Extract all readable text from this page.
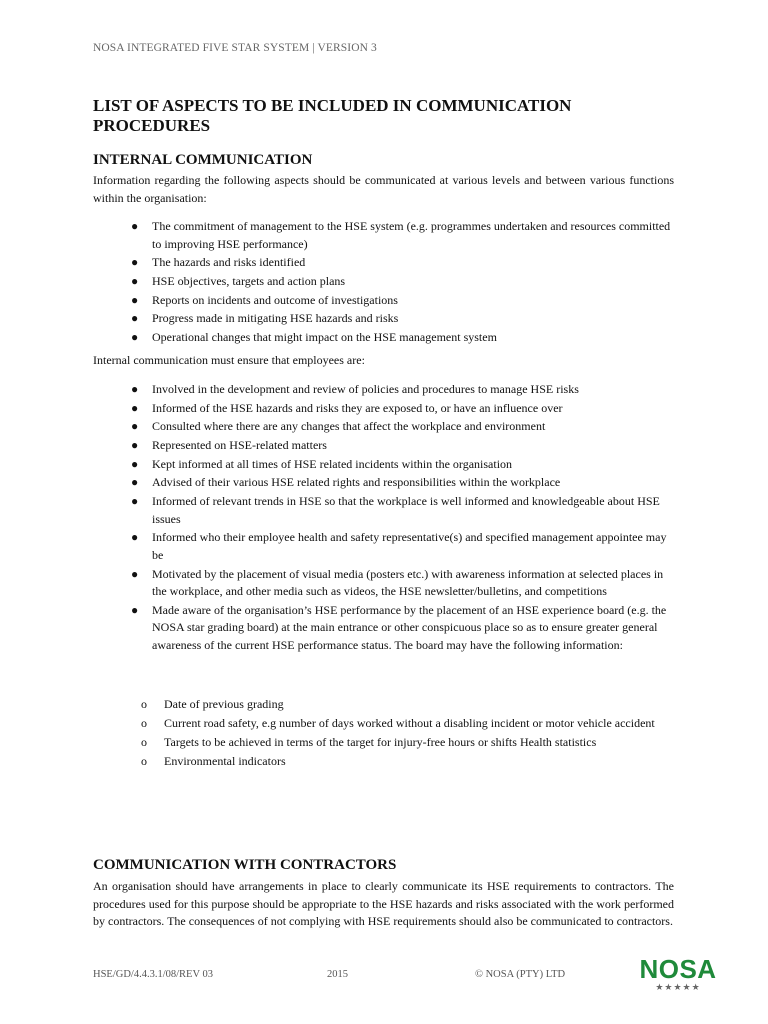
NOSA INTEGRATED FIVE STAR SYSTEM | VERSION 3
LIST OF ASPECTS TO BE INCLUDED IN COMMUNICATION PROCEDURES
INTERNAL COMMUNICATION

Information regarding the following aspects should be communicated at various levels and between various functions within the organisation:

● The commitment of management to the HSE system (e.g. programmes undertaken and resources committed to improving HSE performance)
● The hazards and risks identified
● HSE objectives, targets and action plans
● Reports on incidents and outcome of investigations
● Progress made in mitigating HSE hazards and risks
● Operational changes that might impact on the HSE management system

Internal communication must ensure that employees are:

● Involved in the development and review of policies and procedures to manage HSE risks
● Informed of the HSE hazards and risks they are exposed to, or have an influence over
● Consulted where there are any changes that affect the workplace and environment
● Represented on HSE-related matters
● Kept informed at all times of HSE related incidents within the organisation
● Advised of their various HSE related rights and responsibilities within the workplace
● Informed of relevant trends in HSE so that the workplace is well informed and knowledgeable about HSE issues
● Informed who their employee health and safety representative(s) and specified management appointee may be
● Motivated by the placement of visual media (posters etc.) with awareness information at selected places in the workplace, and other media such as videos, the HSE newsletter/bulletins, and competitions
● Made aware of the organisation’s HSE performance by the placement of an HSE experience board (e.g. the NOSA star grading board) at the main entrance or other conspicuous place so as to ensure greater general awareness of the current HSE performance status. The board may have the following information:
o Date of previous grading
o Current road safety, e.g number of days worked without a disabling incident or motor vehicle accident
o Targets to be achieved in terms of the target for injury-free hours or shifts Health statistics
o Environmental indicators
COMMUNICATION WITH CONTRACTORS

An organisation should have arrangements in place to clearly communicate its HSE requirements to contractors. The procedures used for this purpose should be appropriate to the HSE hazards and risks associated with the work performed by contractors. The consequences of not complying with HSE requirements should also be communicated to contractors.

HSE/GD/4.4.3.1/08/REV 03	2015	© NOSA (PTY) LTD	NOSA
★★★★★
